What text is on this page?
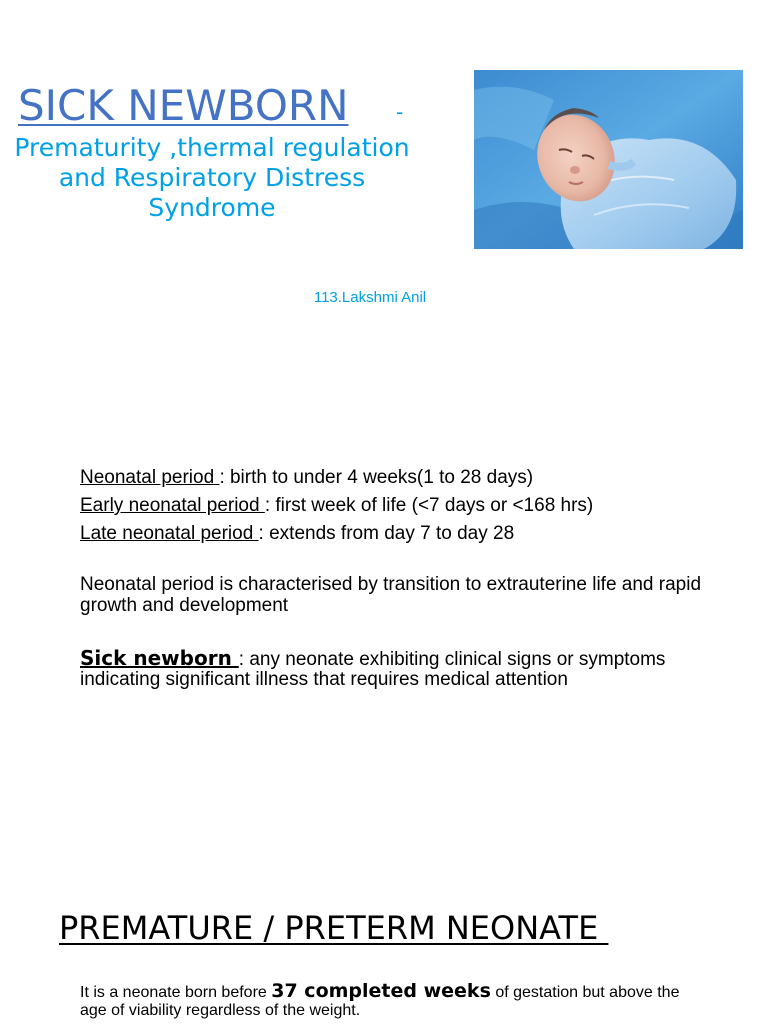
SICK NEWBORN -
Prematurity ,thermal regulation and Respiratory Distress Syndrome
113.Lakshmi Anil
Neonatal period : birth to under 4 weeks(1 to 28 days)
Early neonatal period : first week of life (<7 days or <168 hrs)
Late neonatal period : extends from day 7 to day 28
Neonatal period is characterised by transition to extrauterine life and rapid growth and development
Sick newborn : any neonate exhibiting clinical signs or symptoms indicating significant illness that requires medical attention
PREMATURE / PRETERM NEONATE
It is a neonate born before 37 completed weeks of gestation but above the age of viability regardless of the weight.
